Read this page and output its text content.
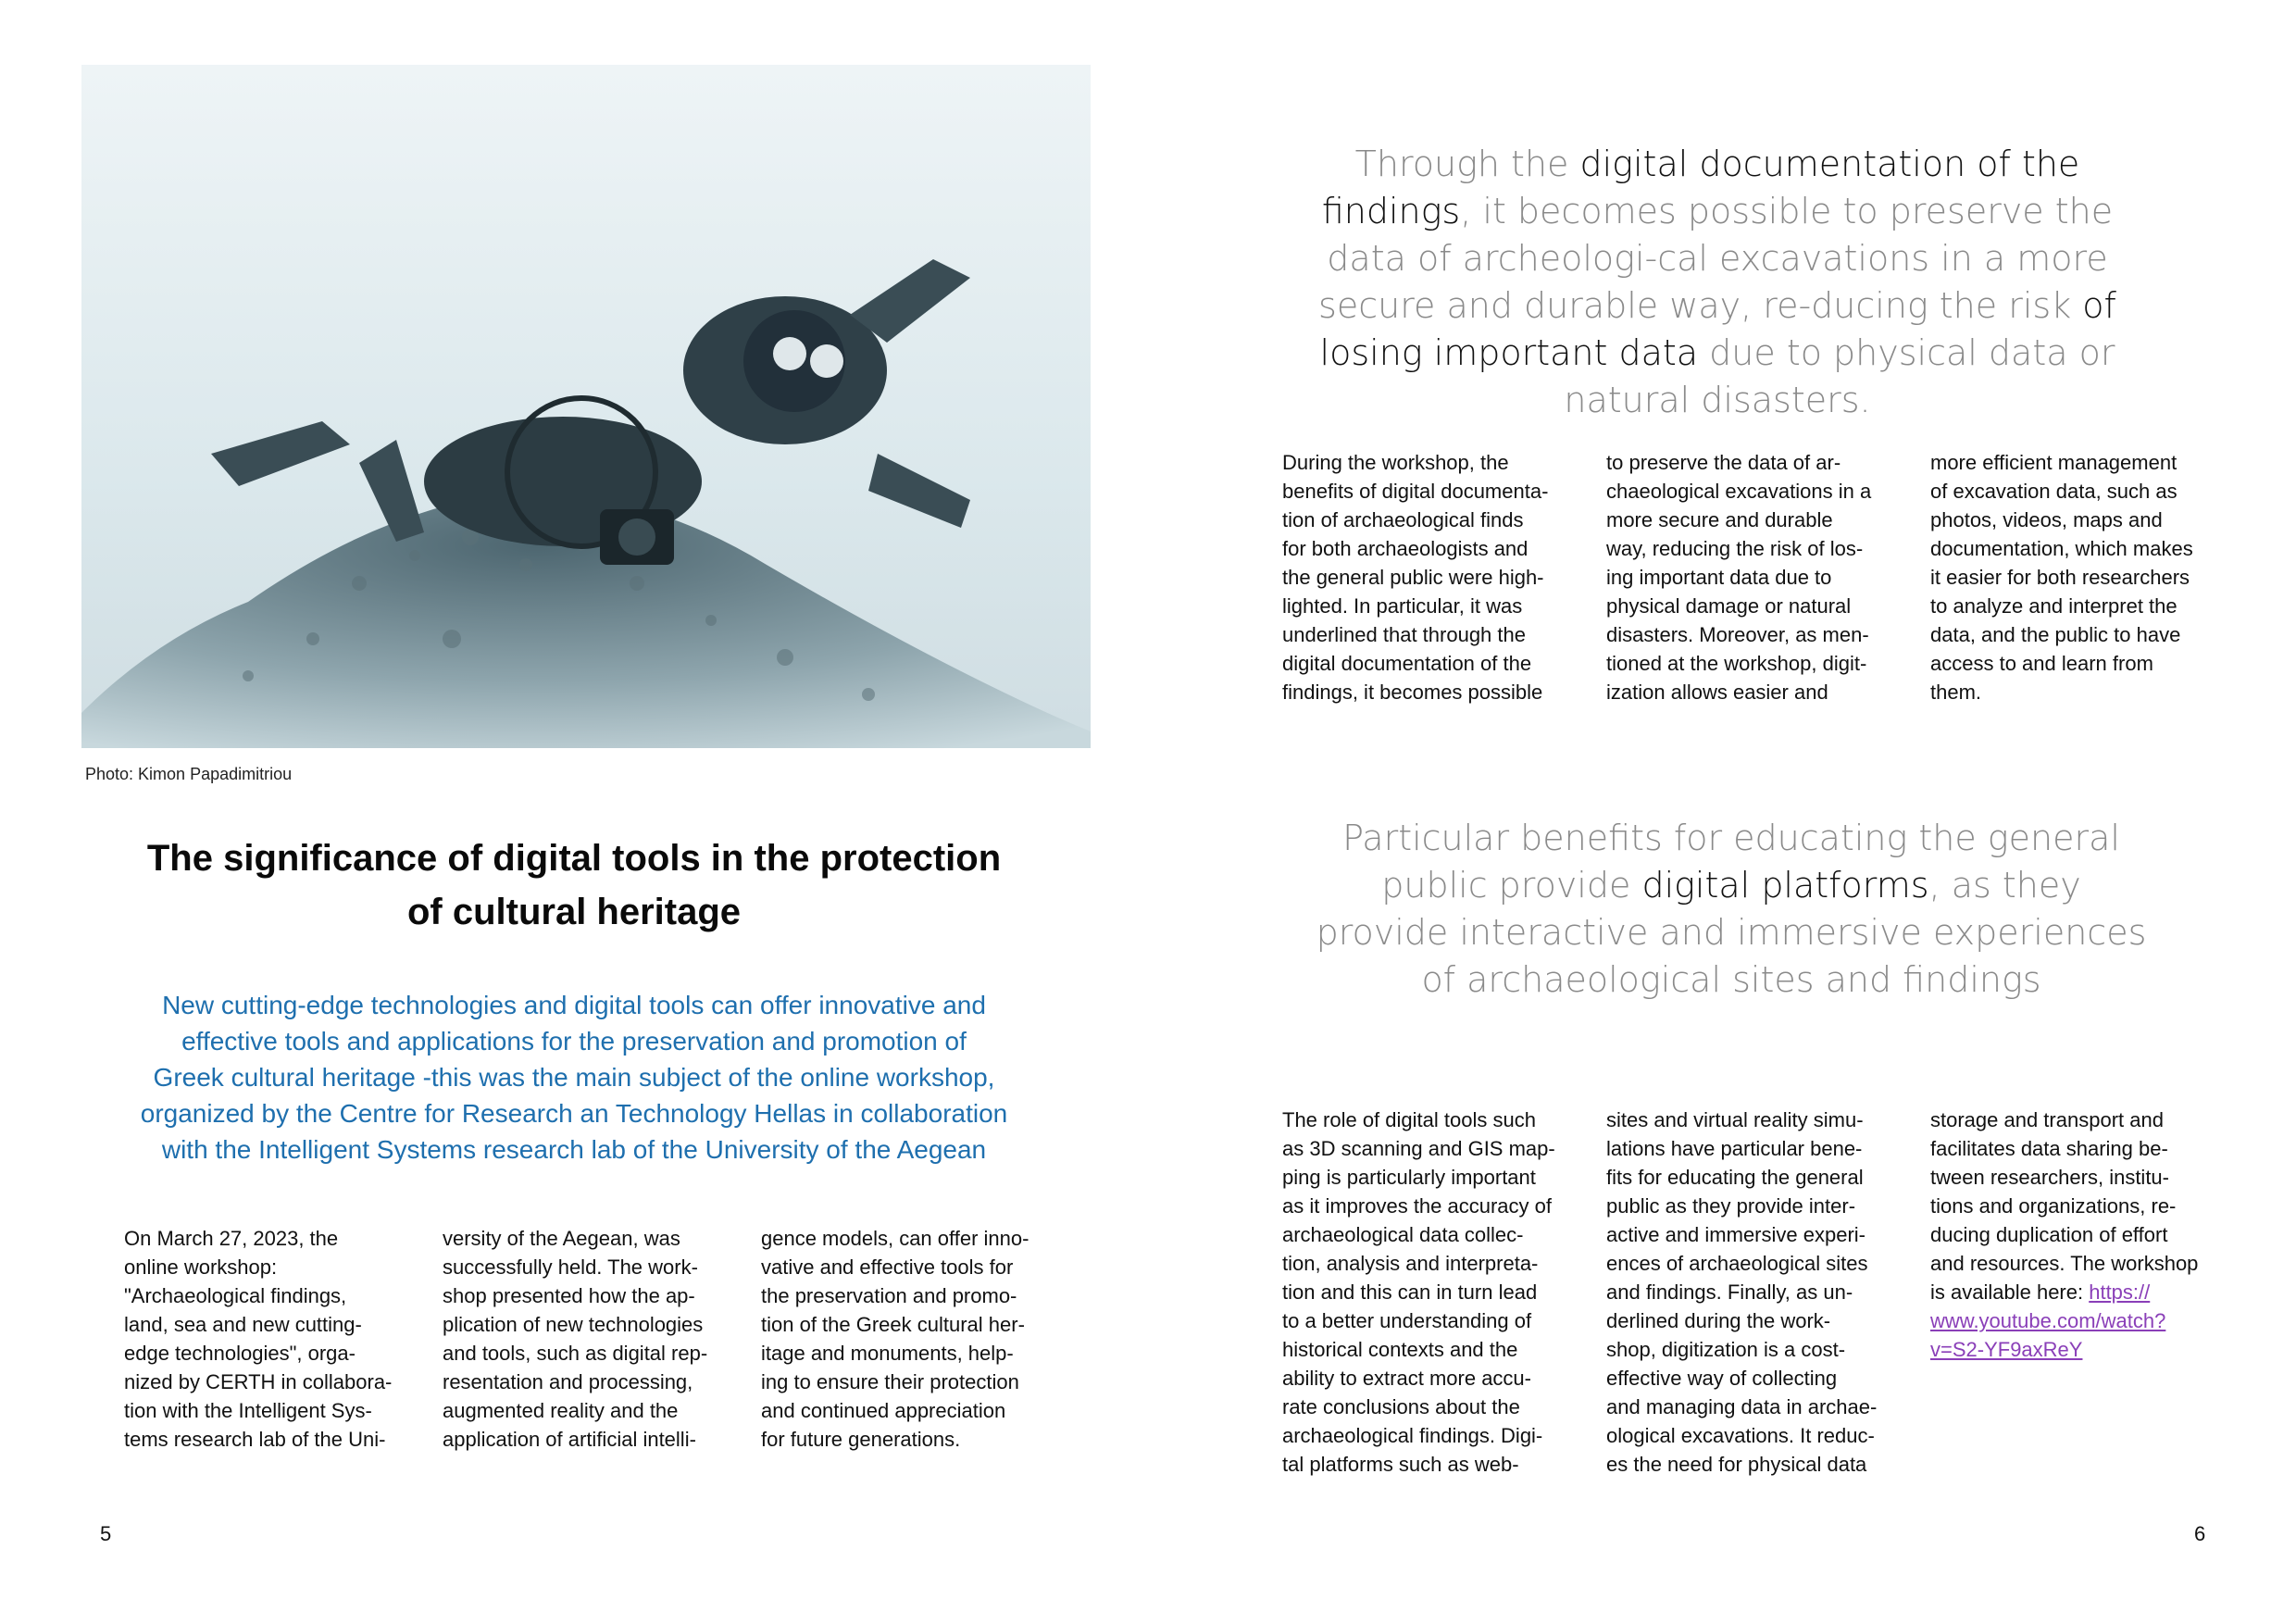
Photo: Kimon Papadimitriou
The significance of digital tools in the protection
of cultural heritage
New cutting-edge technologies and digital tools can offer innovative and
effective tools and applications for the preservation and promotion of
Greek cultural heritage -this was the main subject of the online workshop,
organized by the Centre for Research an Technology Hellas in collaboration
with the Intelligent Systems research lab of the University of the Aegean
On March 27, 2023, the
online workshop:
"Archaeological findings,
land, sea and new cutting-
edge technologies", orga-
nized by CERTH in collabora-
tion with the Intelligent Sys-
tems research lab of the Uni-
versity of the Aegean, was
successfully held. The work-
shop presented how the ap-
plication of new technologies
and tools, such as digital rep-
resentation and processing,
augmented reality and the
application of artificial intelli-
gence models, can offer inno-
vative and effective tools for
the preservation and promo-
tion of the Greek cultural her-
itage and monuments, help-
ing to ensure their protection
and continued appreciation
for future generations.
5
Through the digital documentation of the findings, it becomes possible to preserve the data of archeologi-cal excavations in a more secure and durable way, re-ducing the risk of losing important data due to physical data or natural disasters.
During the workshop, the
benefits of digital documenta-
tion of archaeological finds
for both archaeologists and
the general public were high-
lighted. In particular, it was
underlined that through the
digital documentation of the
findings, it becomes possible
to preserve the data of ar-
chaeological excavations in a
more secure and durable
way, reducing the risk of los-
ing important data due to
physical damage or natural
disasters. Moreover, as men-
tioned at the workshop, digit-
ization allows easier and
more efficient management
of excavation data, such as
photos, videos, maps and
documentation, which makes
it easier for both researchers
to analyze and interpret the
data, and the public to have
access to and learn from
them.
Particular benefits for educating the general public provide digital platforms, as they provide interactive and immersive experiences of archaeological sites and findings
The role of digital tools such
as 3D scanning and GIS map-
ping is particularly important
as it improves the accuracy of
archaeological data collec-
tion, analysis and interpreta-
tion and this can in turn lead
to a better understanding of
historical contexts and the
ability to extract more accu-
rate conclusions about the
archaeological findings. Digi-
tal platforms such as web-
sites and virtual reality simu-
lations have particular bene-
fits for educating the general
public as they provide inter-
active and immersive experi-
ences of archaeological sites
and findings. Finally, as un-
derlined during the work-
shop, digitization is a cost-
effective way of collecting
and managing data in archae-
ological excavations. It reduc-
es the need for physical data
storage and transport and
facilitates data sharing be-
tween researchers, institu-
tions and organizations, re-
ducing duplication of effort
and resources. The workshop
is available here: https://
www.youtube.com/watch?
v=S2-YF9axReY
6
